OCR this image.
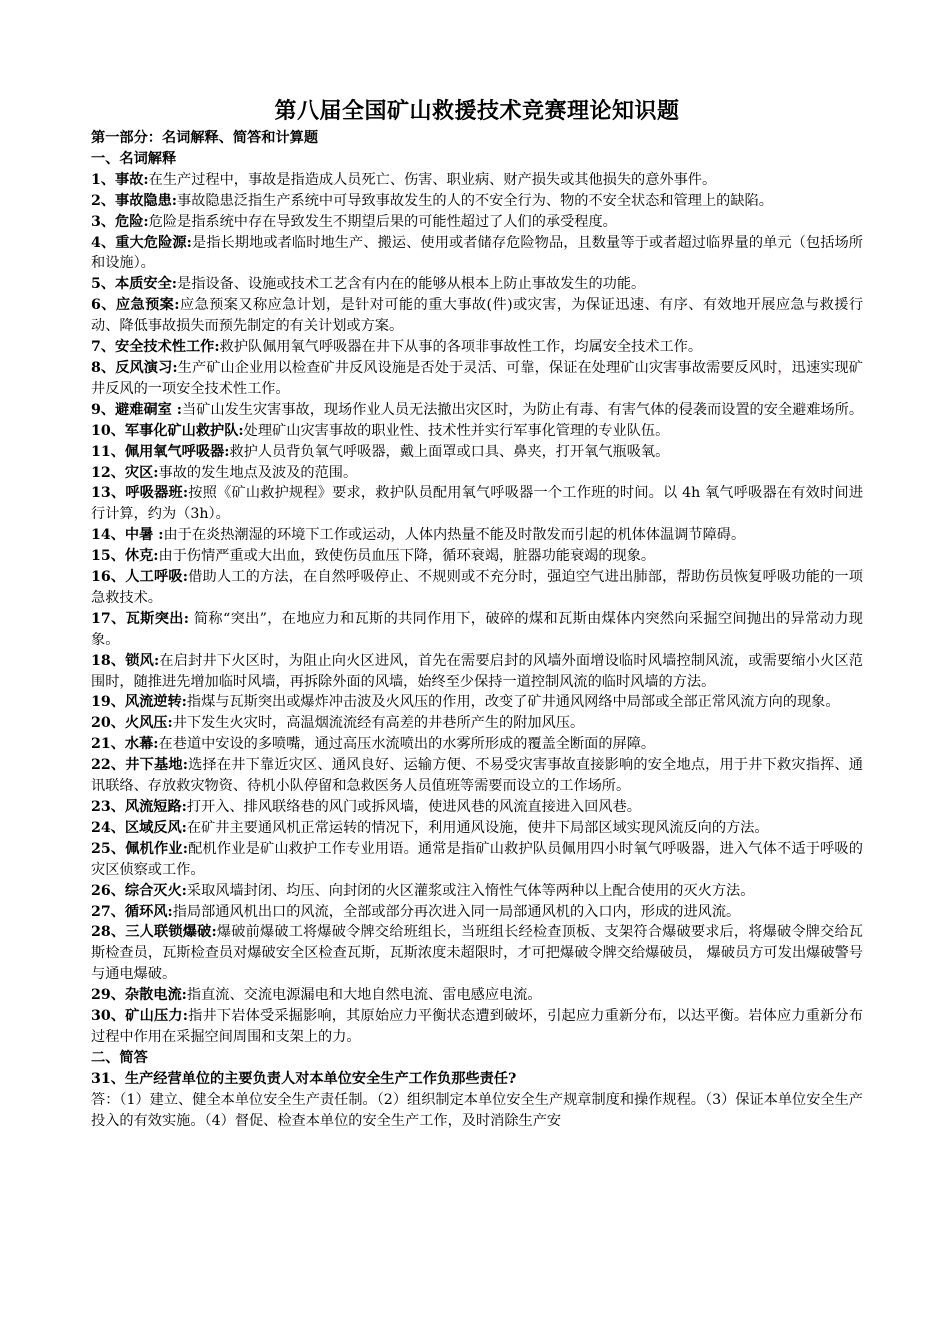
第八届全国矿山救援技术竞赛理论知识题
第一部分：名词解释、简答和计算题
一、名词解释

1、事故:在生产过程中，事故是指造成人员死亡、伤害、职业病、财产损失或其他损失的意外事件。

2、事故隐患:事故隐患泛指生产系统中可导致事故发生的人的不安全行为、物的不安全状态和管理上的缺陷。

3、危险:危险是指系统中存在导致发生不期望后果的可能性超过了人们的承受程度。

4、重大危险源:是指长期地或者临时地生产、搬运、使用或者储存危险物品，且数量等于或者超过临界量的单元（包括场所和设施）。

5、本质安全:是指设备、设施或技术工艺含有内在的能够从根本上防止事故发生的功能。

6、应急预案:应急预案又称应急计划，是针对可能的重大事故(件)或灾害，为保证迅速、有序、有效地开展应急与救援行动、降低事故损失而预先制定的有关计划或方案。

7、安全技术性工作:救护队佩用氧气呼吸器在井下从事的各项非事故性工作，均属安全技术工作。

8、反风演习:生产矿山企业用以检查矿井反风设施是否处于灵活、可靠，保证在处理矿山灾害事故需要反风时，迅速实现矿井反风的一项安全技术性工作。

9、避难硐室 :当矿山发生灾害事故，现场作业人员无法撤出灾区时，为防止有毒、有害气体的侵袭而设置的安全避难场所。

10、军事化矿山救护队:处理矿山灾害事故的职业性、技术性并实行军事化管理的专业队伍。

11、佩用氧气呼吸器:救护人员背负氧气呼吸器，戴上面罩或口具、鼻夹，打开氧气瓶吸氧。

12、灾区:事故的发生地点及波及的范围。

13、呼吸器班:按照《矿山救护规程》要求，救护队员配用氧气呼吸器一个工作班的时间。以 4h 氧气呼吸器在有效时间进行计算，约为（3h）。

14、中暑 :由于在炎热潮湿的环境下工作或运动，人体内热量不能及时散发而引起的机体体温调节障碍。

15、休克:由于伤情严重或大出血，致使伤员血压下降，循环衰竭，脏器功能衰竭的现象。

16、人工呼吸:借助人工的方法，在自然呼吸停止、不规则或不充分时，强迫空气进出肺部，帮助伤员恢复呼吸功能的一项急救技术。

17、瓦斯突出: 简称“突出”，在地应力和瓦斯的共同作用下，破碎的煤和瓦斯由煤体内突然向采掘空间抛出的异常动力现象。

18、锁风:在启封井下火区时，为阻止向火区进风，首先在需要启封的风墙外面增设临时风墙控制风流，或需要缩小火区范围时，随推进先增加临时风墙，再拆除外面的风墙，始终至少保持一道控制风流的临时风墙的方法。

19、风流逆转:指煤与瓦斯突出或爆炸冲击波及火风压的作用，改变了矿井通风网络中局部或全部正常风流方向的现象。

20、火风压:井下发生火灾时，高温烟流流经有高差的井巷所产生的附加风压。

21、水幕:在巷道中安设的多喷嘴，通过高压水流喷出的水雾所形成的覆盖全断面的屏障。

22、井下基地:选择在井下靠近灾区、通风良好、运输方便、不易受灾害事故直接影响的安全地点，用于井下救灾指挥、通讯联络、存放救灾物资、待机小队停留和急救医务人员值班等需要而设立的工作场所。

23、风流短路:打开入、排风联络巷的风门或拆风墙，使进风巷的风流直接进入回风巷。

24、区域反风:在矿井主要通风机正常运转的情况下，利用通风设施，使井下局部区域实现风流反向的方法。

25、佩机作业:配机作业是矿山救护工作专业用语。通常是指矿山救护队员佩用四小时氧气呼吸器，进入气体不适于呼吸的灾区侦察或工作。

26、综合灭火:采取风墙封闭、均压、向封闭的火区灌浆或注入惰性气体等两种以上配合使用的灭火方法。

27、循环风:指局部通风机出口的风流，全部或部分再次进入同一局部通风机的入口内，形成的进风流。

28、三人联锁爆破:爆破前爆破工将爆破令牌交给班组长，当班组长经检查顶板、支架符合爆破要求后，将爆破令牌交给瓦斯检查员，瓦斯检查员对爆破安全区检查瓦斯，瓦斯浓度未超限时，才可把爆破令牌交给爆破员， 爆破员方可发出爆破警号与通电爆破。

29、杂散电流:指直流、交流电源漏电和大地自然电流、雷电感应电流。

30、矿山压力:指井下岩体受采掘影响，其原始应力平衡状态遭到破坏，引起应力重新分布，以达平衡。岩体应力重新分布过程中作用在采掘空间周围和支架上的力。

二、简答
31、生产经营单位的主要负责人对本单位安全生产工作负那些责任?
答：（1）建立、健全本单位安全生产责任制。（2）组织制定本单位安全生产规章制度和操作规程。（3）保证本单位安全生产投入的有效实施。（4）督促、检查本单位的安全生产工作，及时消除生产安
